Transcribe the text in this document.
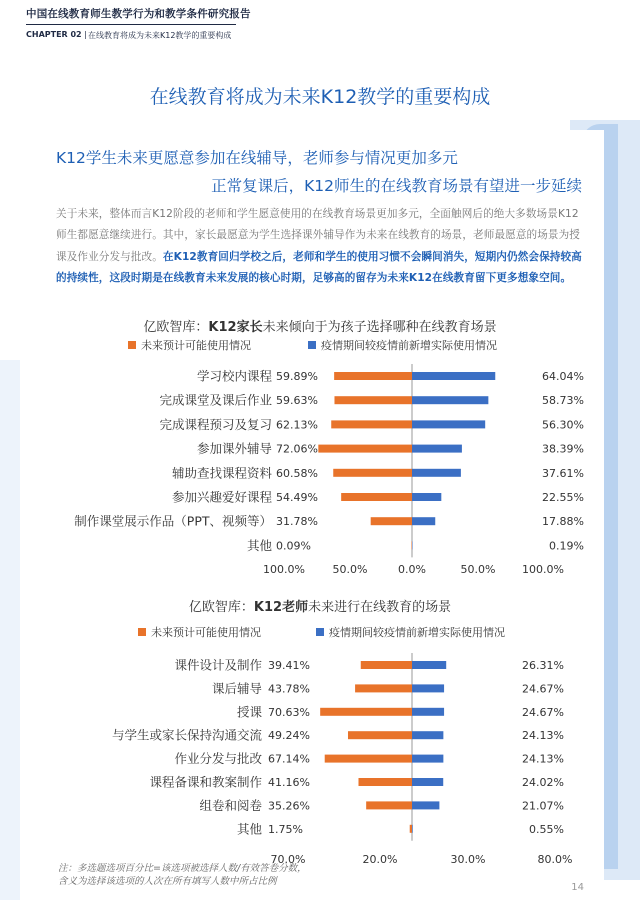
中国在线教育师生教学行为和教学条件研究报告
CHAPTER 02 | 在线教育将成为未来K12教学的重要构成
在线教育将成为未来K12教学的重要构成
K12学生未来更愿意参加在线辅导，老师参与情况更加多元
正常复课后，K12师生的在线教育场景有望进一步延续
关于未来，整体而言K12阶段的老师和学生愿意使用的在线教育场景更加多元，全面触网后的绝大多数场景K12师生都愿意继续进行。其中，家长最愿意为学生选择课外辅导作为未来在线教育的场景，老师最愿意的场景为授课及作业分发与批改。在K12教育回归学校之后，老师和学生的使用习惯不会瞬间消失，短期内仍然会保持较高的持续性，这段时期是在线教育未来发展的核心时期，足够高的留存为未来K12在线教育留下更多想象空间。
亿欧智库：K12家长未来倾向于为孩子选择哪种在线教育场景
未来预计可能使用情况	疫情期间较疫情前新增实际使用情况
学习校内课程 59.89%	64.04%
完成课堂及课后作业 59.63%	58.73%
完成课程预习及复习 62.13%	56.30%
参加课外辅导 72.06%	38.39%
辅助查找课程资料 60.58%	37.61%
参加兴趣爱好课程 54.49%	22.55%
制作课堂展示作品（PPT、视频等） 31.78%	17.88%
其他 0.09%	0.19%
100.0%	50.0%	0.0%	50.0% 100.0%
亿欧智库：K12老师未来进行在线教育的场景
未来预计可能使用情况	疫情期间较疫情前新增实际使用情况
课件设计及制作 39.41%	26.31%
课后辅导 43.78%	24.67%
授课 70.63%	24.67%
与学生或家长保持沟通交流 49.24%	24.13%
作业分发与批改 67.14%	24.13%
课程备课和教案制作 41.16%	24.02%
组卷和阅卷 35.26%	21.07%
其他 1.75%	0.55%
70.0%	20.0%	30.0%	80.0%
注：多选题选项百分比=该选项被选择人数/有效答卷分数，
含义为选择该选项的人次在所有填写人数中所占比例
14
